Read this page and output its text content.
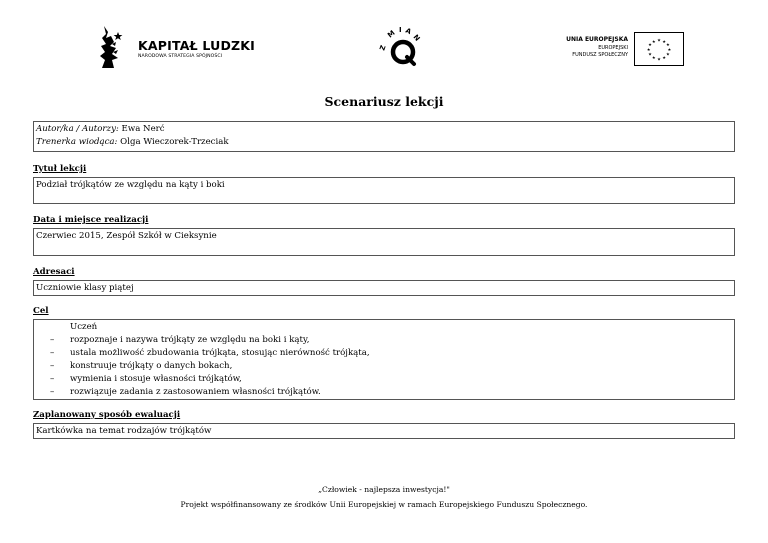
KAPITAŁ LUDZKI
NARODOWA STRATEGIA SPÓJNOŚCI
Z
M I A
N	UNIA EUROPEJSKA
EUROPEJSKI
FUNDUSZ SPOŁECZNY
★ ★
★
★
★
★
★
★
★
★
★
★
Scenariusz lekcji
Autor/ka / Autorzy: Ewa Nerć
Trenerka wiodąca: Olga Wieczorek-Trzeciak
Tytuł lekcji
Podział trójkątów ze względu na kąty i boki
Data i miejsce realizacji
Czerwiec 2015, Zespół Szkół w Cieksynie
Adresaci
Uczniowie klasy piątej
Cel
Uczeń
–	rozpoznaje i nazywa trójkąty ze względu na boki i kąty,
–	ustala możliwość zbudowania trójkąta, stosując nierówność trójkąta,
–	konstruuje trójkąty o danych bokach,
–	wymienia i stosuje własności trójkątów,
–	rozwiązuje zadania z zastosowaniem własności trójkątów.
Zaplanowany sposób ewaluacji
Kartkówka na temat rodzajów trójkątów
„Człowiek - najlepsza inwestycja!"
Projekt współfinansowany ze środków Unii Europejskiej w ramach Europejskiego Funduszu Społecznego.
